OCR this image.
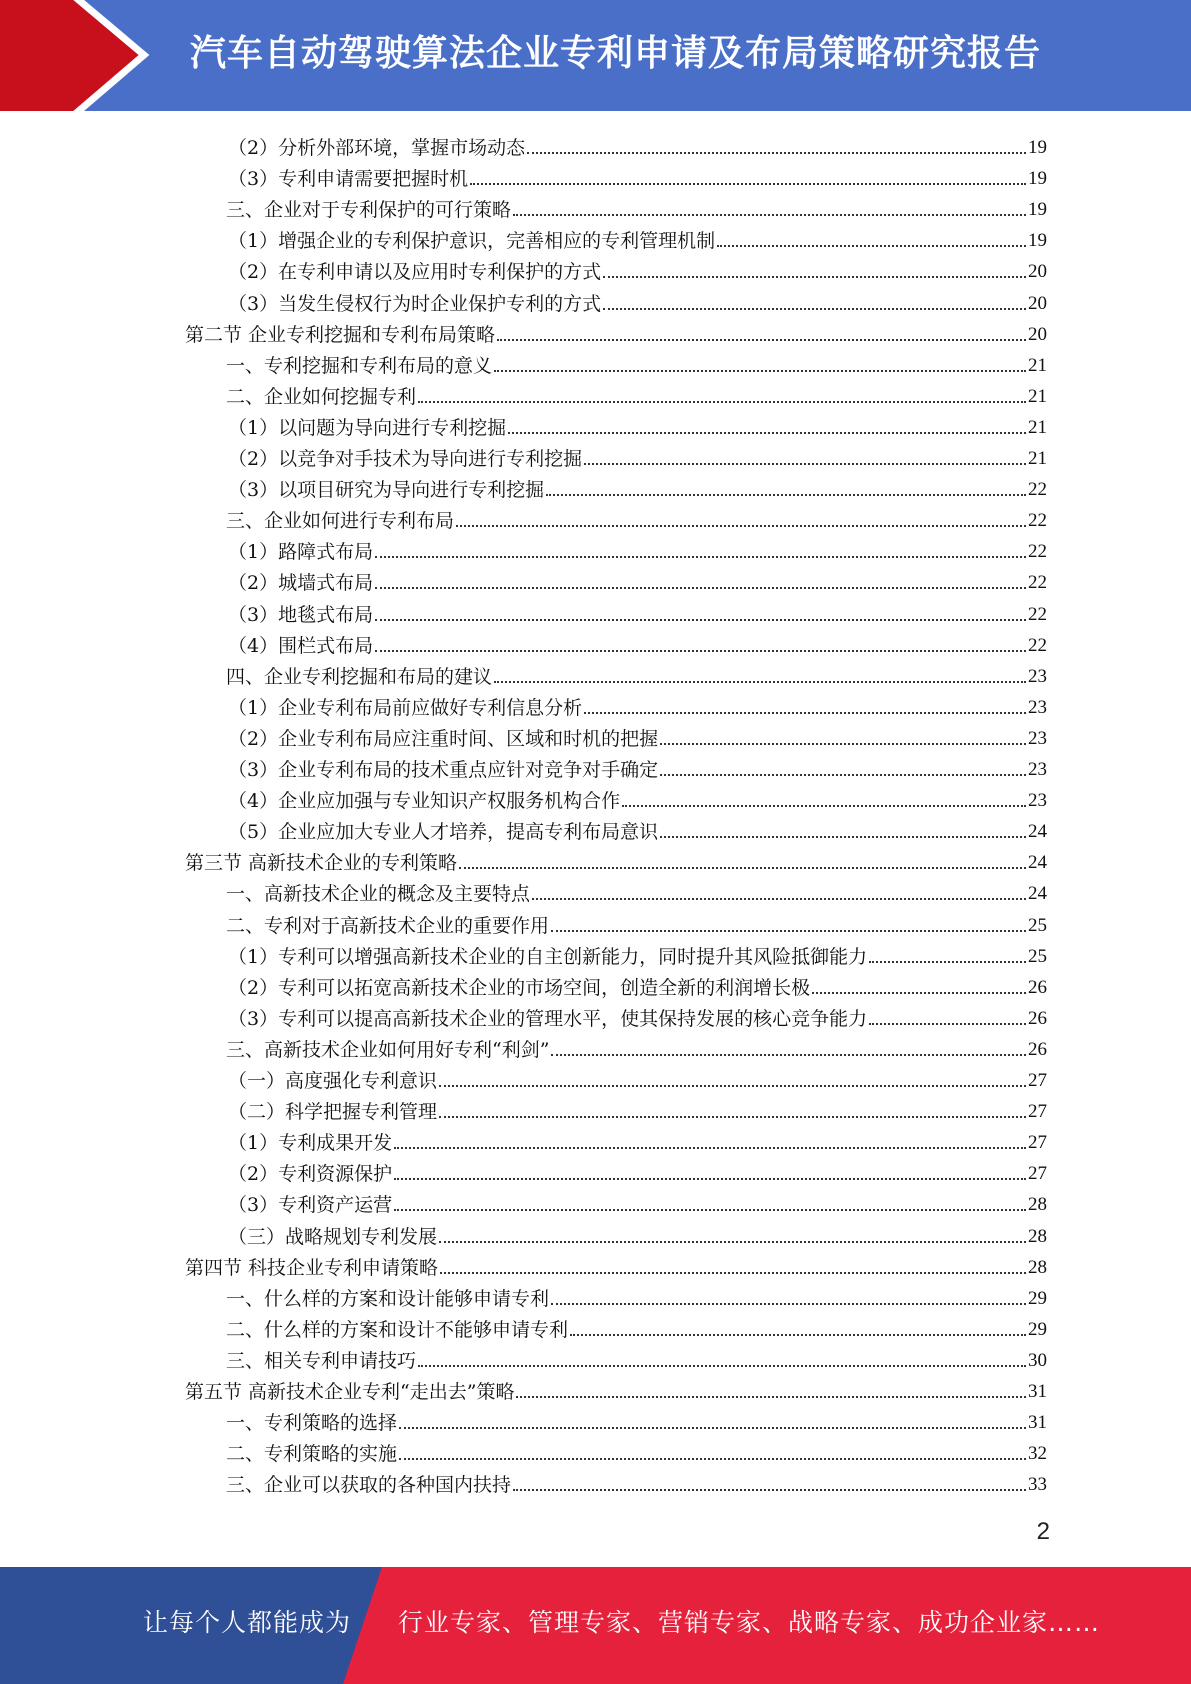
汽车自动驾驶算法企业专利申请及布局策略研究报告
（2）分析外部环境，掌握市场动态	19
（3）专利申请需要把握时机	19
三、企业对于专利保护的可行策略	19
（1）增强企业的专利保护意识，完善相应的专利管理机制	19
（2）在专利申请以及应用时专利保护的方式	20
（3）当发生侵权行为时企业保护专利的方式	20
第二节 企业专利挖掘和专利布局策略	20
一、专利挖掘和专利布局的意义	21
二、企业如何挖掘专利	21
（1）以问题为导向进行专利挖掘	21
（2）以竞争对手技术为导向进行专利挖掘	21
（3）以项目研究为导向进行专利挖掘	22
三、企业如何进行专利布局	22
（1）路障式布局	22
（2）城墙式布局	22
（3）地毯式布局	22
（4）围栏式布局	22
四、企业专利挖掘和布局的建议	23
（1）企业专利布局前应做好专利信息分析	23
（2）企业专利布局应注重时间、区域和时机的把握	23
（3）企业专利布局的技术重点应针对竞争对手确定	23
（4）企业应加强与专业知识产权服务机构合作	23
（5）企业应加大专业人才培养，提高专利布局意识	24
第三节 高新技术企业的专利策略	24
一、高新技术企业的概念及主要特点	24
二、专利对于高新技术企业的重要作用	25
（1）专利可以增强高新技术企业的自主创新能力，同时提升其风险抵御能力	25
（2）专利可以拓宽高新技术企业的市场空间，创造全新的利润增长极	26
（3）专利可以提高高新技术企业的管理水平，使其保持发展的核心竞争能力	26
三、高新技术企业如何用好专利“利剑”	26
（一）高度强化专利意识	27
（二）科学把握专利管理	27
（1）专利成果开发	27
（2）专利资源保护	27
（3）专利资产运营	28
（三）战略规划专利发展	28
第四节 科技企业专利申请策略	28
一、什么样的方案和设计能够申请专利	29
二、什么样的方案和设计不能够申请专利	29
三、相关专利申请技巧	30
第五节 高新技术企业专利“走出去”策略	31
一、专利策略的选择	31
二、专利策略的实施	32
三、企业可以获取的各种国内扶持	33
2
让每个人都能成为 行业专家、管理专家、营销专家、战略专家、成功企业家……
